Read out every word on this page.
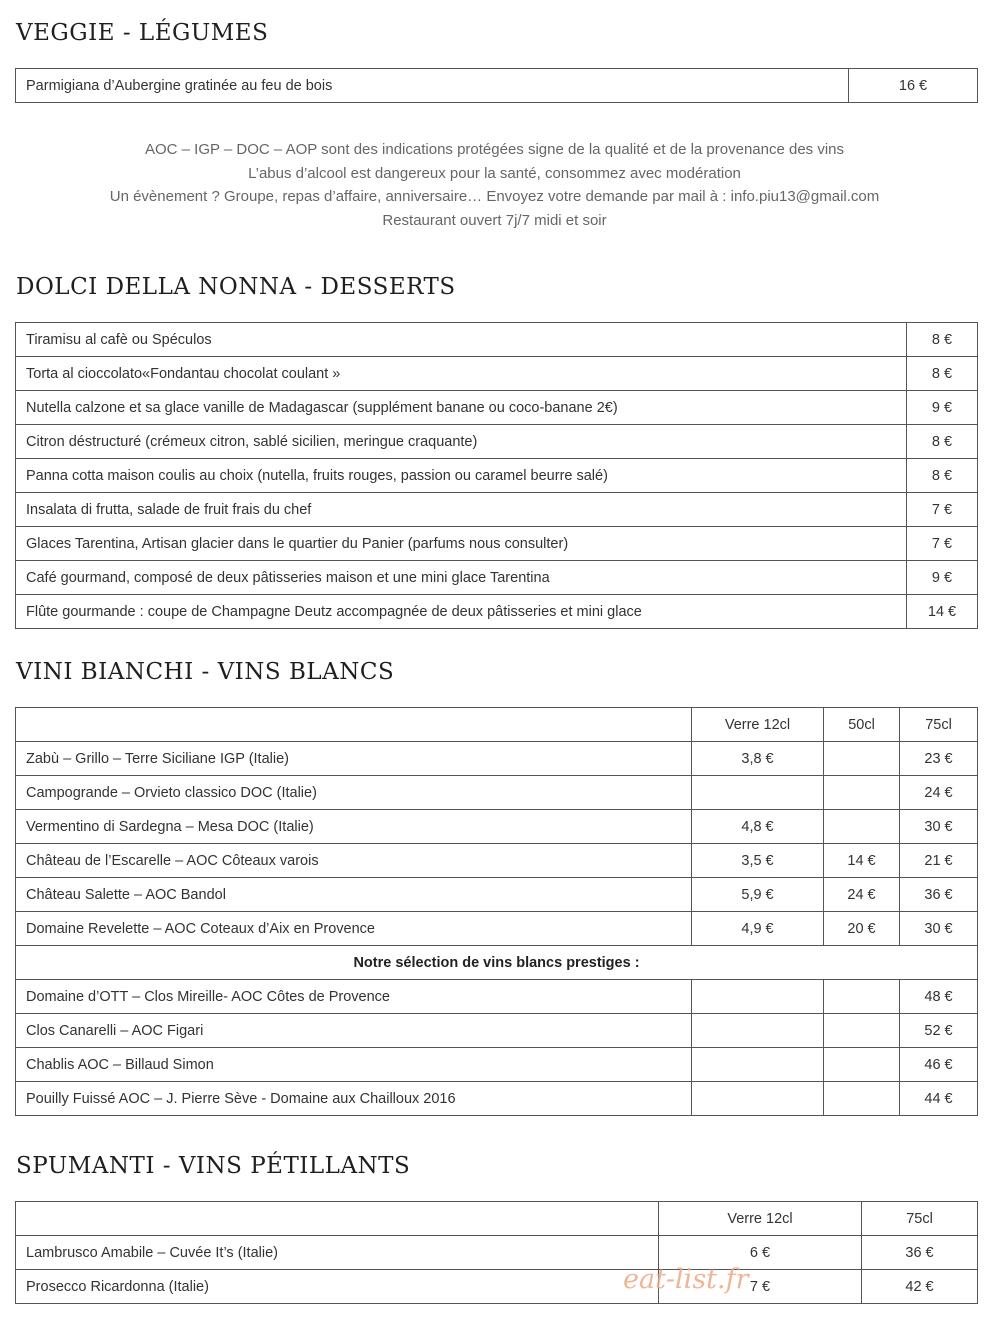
VEGGIE - LÉGUMES
Parmigiana d’Aubergine gratinée au feu de bois	16 €
AOC – IGP – DOC – AOP sont des indications protégées signe de la qualité et de la provenance des vins
L’abus d’alcool est dangereux pour la santé, consommez avec modération
Un évènement ? Groupe, repas d’affaire, anniversaire… Envoyez votre demande par mail à : info.piu13@gmail.com
Restaurant ouvert 7j/7 midi et soir
DOLCI DELLA NONNA - DESSERTS
Tiramisu al cafè ou Spéculos	8 €
Torta al cioccolato«Fondantau chocolat coulant »	8 €
Nutella calzone et sa glace vanille de Madagascar (supplément banane ou coco-banane 2€)	9 €
Citron déstructuré (crémeux citron, sablé sicilien, meringue craquante)	8 €
Panna cotta maison coulis au choix (nutella, fruits rouges, passion ou caramel beurre salé)	8 €
Insalata di frutta, salade de fruit frais du chef	7 €
Glaces Tarentina, Artisan glacier dans le quartier du Panier (parfums nous consulter)	7 €
Café gourmand, composé de deux pâtisseries maison et une mini glace Tarentina	9 €
Flûte gourmande : coupe de Champagne Deutz accompagnée de deux pâtisseries et mini glace	14 €
VINI BIANCHI - VINS BLANCS
	Verre 12cl	50cl	75cl
Zabù – Grillo – Terre Siciliane IGP (Italie)	3,8 €		23 €
Campogrande – Orvieto classico DOC (Italie)			24 €
Vermentino di Sardegna – Mesa DOC (Italie)	4,8 €		30 €
Château de l’Escarelle – AOC Côteaux varois	3,5 €	14 €	21 €
Château Salette – AOC Bandol	5,9 €	24 €	36 €
Domaine Revelette – AOC Coteaux d’Aix en Provence	4,9 €	20 €	30 €
Notre sélection de vins blancs prestiges :			
Domaine d’OTT – Clos Mireille- AOC Côtes de Provence			48 €
Clos Canarelli – AOC Figari			52 €
Chablis AOC – Billaud Simon			46 €
Pouilly Fuissé AOC – J. Pierre Sève - Domaine aux Chailloux 2016			44 €
SPUMANTI - VINS PÉTILLANTS
	Verre 12cl	75cl
Lambrusco Amabile – Cuvée It’s (Italie)	6 €	36 €
Prosecco Ricardonna (Italie)	7 €	42 €
eat-list.fr
